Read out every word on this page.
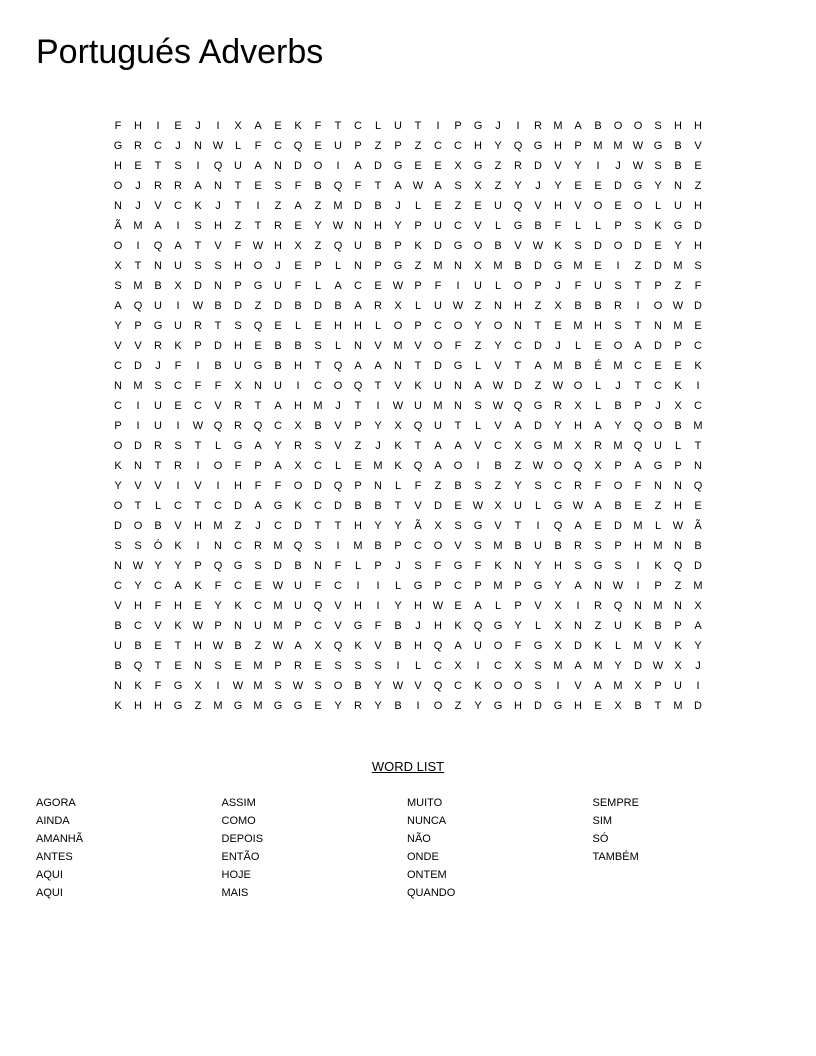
Portugués Adverbs
F	H	I	E	J	I	X	A	E	K	F	T	C	L	U	T	I	P	G	J	I	R	M	A	B	O	O	S	H	H
G	R	C	J	N W	L	F	C	Q	E	U	P	Z	P	Z	C	C	H	Y	Q	G	H	P	M M W G	B	V
H	E	T	S	I	Q	U	A	N	D	O	I	A	D	G	E	E	X	G	Z	R	D	V	Y	I	J	W	S	B	E
O	J	R	R	A	N	T	E	S	F	B	Q	F	T	A	W	A	S	X	Z	Y	J	Y	E	E	D	G	Y	N	Z
N	J	V	C	K	J	T	I	Z	A	Z	M	D	B	J	L	E	Z	E	U	Q	V	H	V	O	E	O	L	U	H
Ã	M	A	I	S	H	Z	T	R	E	Y	W N	H	Y	P	U	C	V	L	G	B	F	L	L	P	S	K	G	D
O	I	Q	A	T	V	F	W H	X	Z	Q	U	B	P	K	D	G	O	B	V	W	K	S	D	O	D	E	Y	H
X	T	N	U	S	S	H	O	J	E	P	L	N	P	G	Z	M	N	X	M	B	D	G	M	E	I	Z	D	M	S
S	M	B	X	D	N	P	G	U	F	L	A	C	E	W	P	F	I	U	L	O	P	J	F	U	S	T	P	Z	F
A	Q	U	I	W	B	D	Z	D	B	D	B	A	R	X	L	U W	Z	N	H	Z	X	B	B	R	I	O W D
Y	P	G	U	R	T	S	Q	E	L	E	H	H	L	O	P	C	O	Y	O	N	T	E	M	H	S	T	N	M	E
V	V	R	K	P	D	H	E	B	B	S	L	N	V	M	V	O	F	Z	Y	C	D	J	L	E	O	A	D	P	C
C	D	J	F	I	B	U	G	B	H	T	Q	A	A	N	T	D	G	L	V	T	A	M	B	É	M	C	E	E	K
N	M	S	C	F	F	X	N	U	I	C	O	Q	T	V	K	U	N	A	W D	Z	W O	L	J	T	C	K	I
C	I	U	E	C	V	R	T	A	H	M	J	T	I	W U	M	N	S	W Q	G	R	X	L	B	P	J	X	C
P	I	U	I	W Q	R	Q	C	X	B	V	P	Y	X	Q	U	T	L	V	A	D	Y	H	A	Y	Q	O	B	M
O	D	R	S	T	L	G	A	Y	R	S	V	Z	J	K	T	A	A	V	C	X	G	M	X	R	M	Q	U	L	T
K	N	T	R	I	O	F	P	A	X	C	L	E	M	K	Q	A	O	I	B	Z	W O	Q	X	P	A	G	P	N
Y	V	V	I	V	I	H	F	F	O	D	Q	P	N	L	F	Z	B	S	Z	Y	S	C	R	F	O	F	N	N	Q
O	T	L	C	T	C	D	A	G	K	C	D	B	B	T	V	D	E	W	X	U	L	G W	A	B	E	Z	H	E
D	O	B	V	H	M	Z	J	C	D	T	T	H	Y	Y	Ã	X	S	G	V	T	I	Q	A	E	D	M	L	W	Ã
S	S	Ó	K	I	N	C	R	M	Q	S	I	M	B	P	C	O	V	S	M	B	U	B	R	S	P	H	M	N	B
N W	Y	Y	P	Q	G	S	D	B	N	F	L	P	J	S	F	G	F	K	N	Y	H	S	G	S	I	K	Q	D
C	Y	C	A	K	F	C	E	W U	F	C	I	I	L	G	P	C	P	M	P	G	Y	A	N W	I	P	Z	M
V	H	F	H	E	Y	K	C	M	U	Q	V	H	I	Y	H W	E	A	L	P	V	X	I	R	Q	N	M	N	X
B	C	V	K	W	P	N	U	M	P	C	V	G	F	B	J	H	K	Q	G	Y	L	X	N	Z	U	K	B	P	A
U	B	E	T	H W	B	Z	W	A	X	Q	K	V	B	H	Q	A	U	O	F	G	X	D	K	L	M	V	K	Y
B	Q	T	E	N	S	E	M	P	R	E	S	S	S	I	L	C	X	I	C	X	S	M	A	M	Y	D W	X	J
N	K	F	G	X	I	W M	S	W	S	O	B	Y	W	V	Q	C	K	O	O	S	I	V	A	M	X	P	U	I
K	H	H	G	Z	M	G	M	G	G	E	Y	R	Y	B	I	O	Z	Y	G	H	D	G	H	E	X	B	T	M	D
WORD LIST
AGORA
AINDA
AMANHÃ
ANTES
AQUI
AQUI
ASSIM
COMO
DEPOIS
ENTÃO
HOJE
MAIS
MUITO
NUNCA
NÃO
ONDE
ONTEM
QUANDO
SEMPRE
SIM
SÓ
TAMBÉM
